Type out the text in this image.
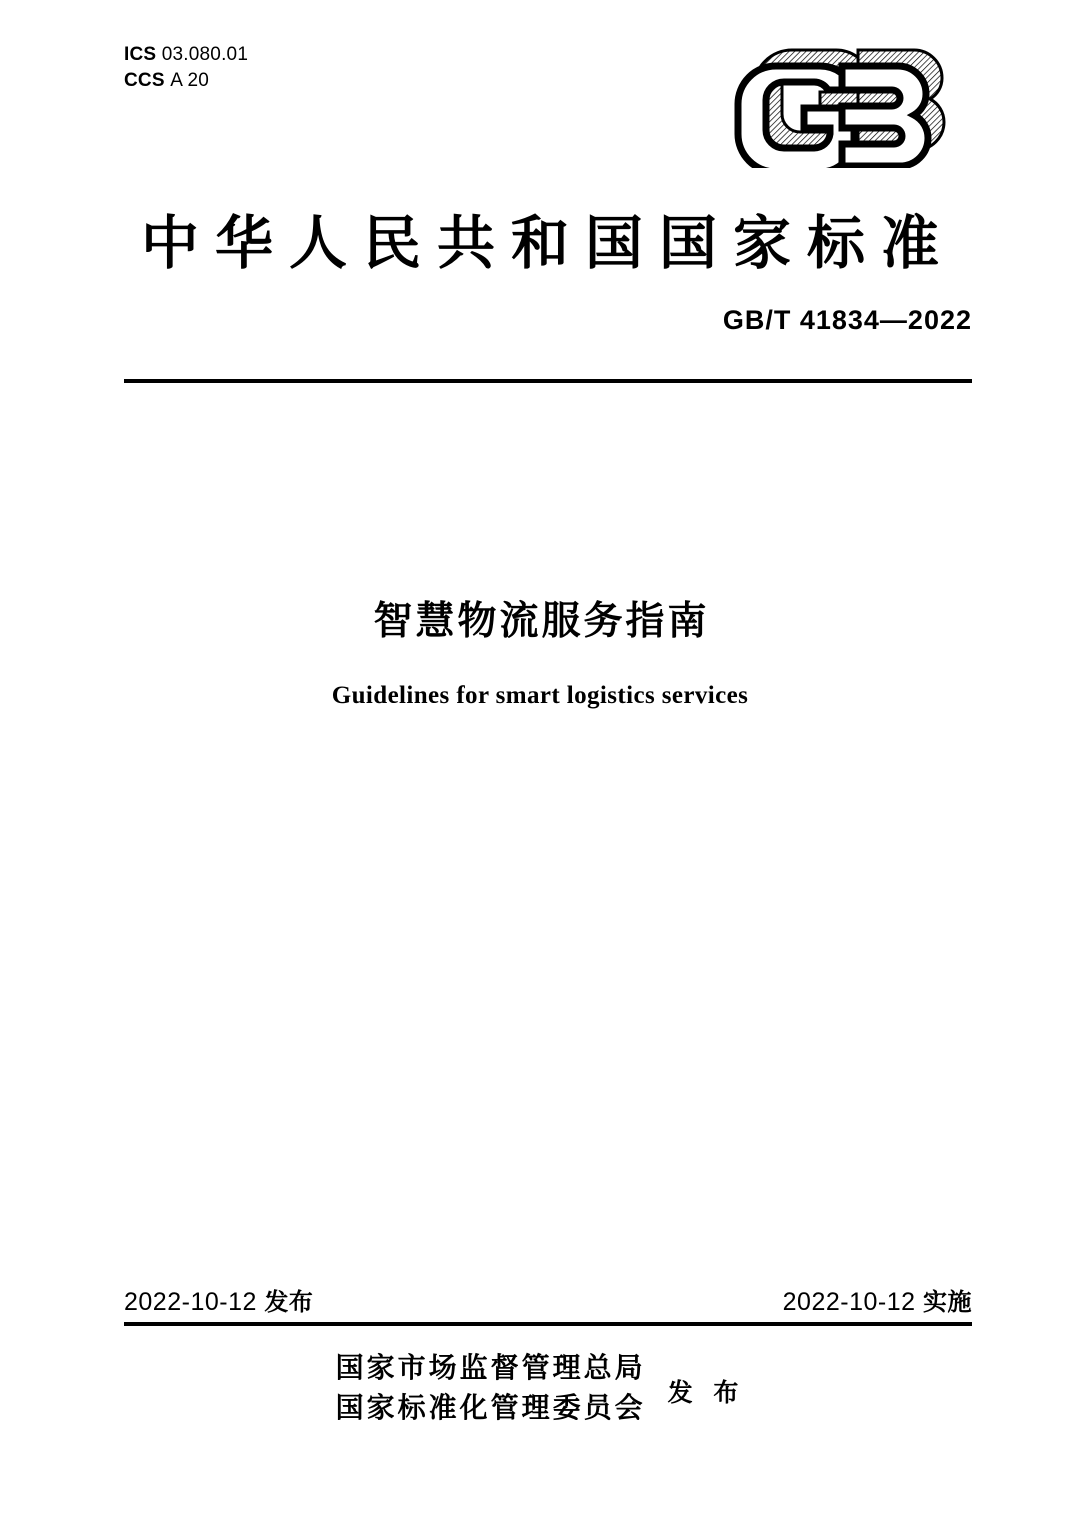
ICS 03.080.01
CCS A 20
中华人民共和国国家标准
GB/T 41834—2022
智慧物流服务指南
Guidelines for smart logistics services
2022-10-12 发布	2022-10-12 实施
国家市场监督管理总局
国家标准化管理委员会 发 布
